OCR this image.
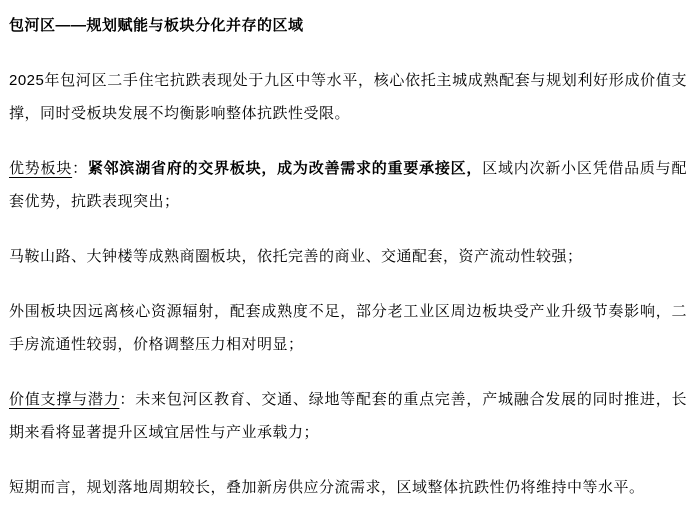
包河区——规划赋能与板块分化并存的区域

2025年包河区二手住宅抗跌表现处于九区中等水平，核心依托主城成熟配套与规划利好形成价值支撑，同时受板块发展不均衡影响整体抗跌性受限。

优势板块：紧邻滨湖省府的交界板块，成为改善需求的重要承接区，区域内次新小区凭借品质与配套优势，抗跌表现突出；

马鞍山路、大钟楼等成熟商圈板块，依托完善的商业、交通配套，资产流动性较强；

外围板块因远离核心资源辐射，配套成熟度不足，部分老工业区周边板块受产业升级节奏影响，二手房流通性较弱，价格调整压力相对明显；

价值支撑与潜力：未来包河区教育、交通、绿地等配套的重点完善，产城融合发展的同时推进，长期来看将显著提升区域宜居性与产业承载力；

短期而言，规划落地周期较长，叠加新房供应分流需求，区域整体抗跌性仍将维持中等水平。
